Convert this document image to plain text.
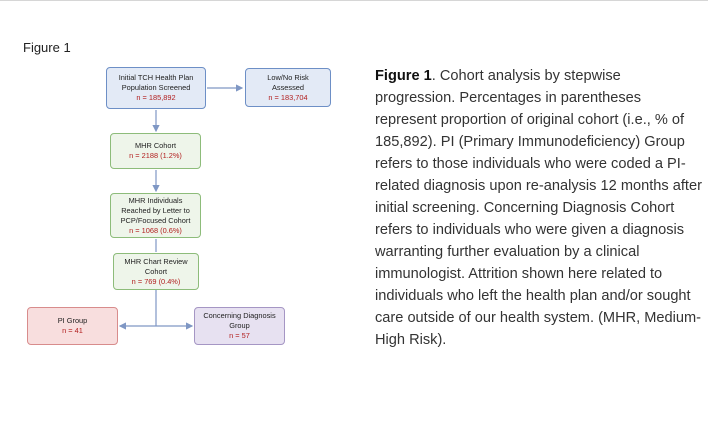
Figure 1
Initial TCH Health Plan
Population Screened
n = 185,892
Low/No Risk
Assessed
n = 183,704
MHR Cohort
n = 2188 (1.2%)
MHR Individuals
Reached by Letter to
PCP/Focused Cohort
n = 1068 (0.6%)
MHR Chart Review
Cohort
n = 769 (0.4%)
PI Group
n = 41
Concerning Diagnosis
Group
n = 57
Figure 1. Cohort analysis by stepwise progression. Percentages in parentheses represent proportion of original cohort (i.e., % of 185,892). PI (Primary Immunodeficiency) Group refers to those individuals who were coded a PI-related diagnosis upon re-analysis 12 months after initial screening. Concerning Diagnosis Cohort refers to individuals who were given a diagnosis warranting further evaluation by a clinical immunologist. Attrition shown here related to individuals who left the health plan and/or sought care outside of our health system. (MHR, Medium-High Risk).
